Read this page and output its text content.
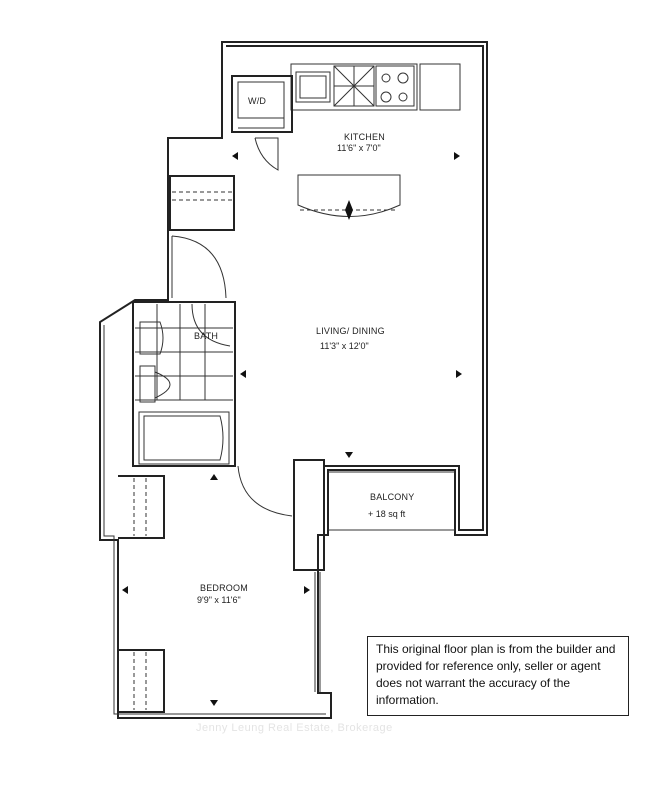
W/D
KITCHEN
11'6" x 7'0"
BATH	LIVING/ DINING
11'3" x 12'0"
BALCONY
+ 18 sq ft
BEDROOM
9'9" x 11'6"
This original floor plan is from the builder and provided for reference only, seller or agent does not warrant the accuracy of the information.
Jenny Leung Real Estate, Brokerage
